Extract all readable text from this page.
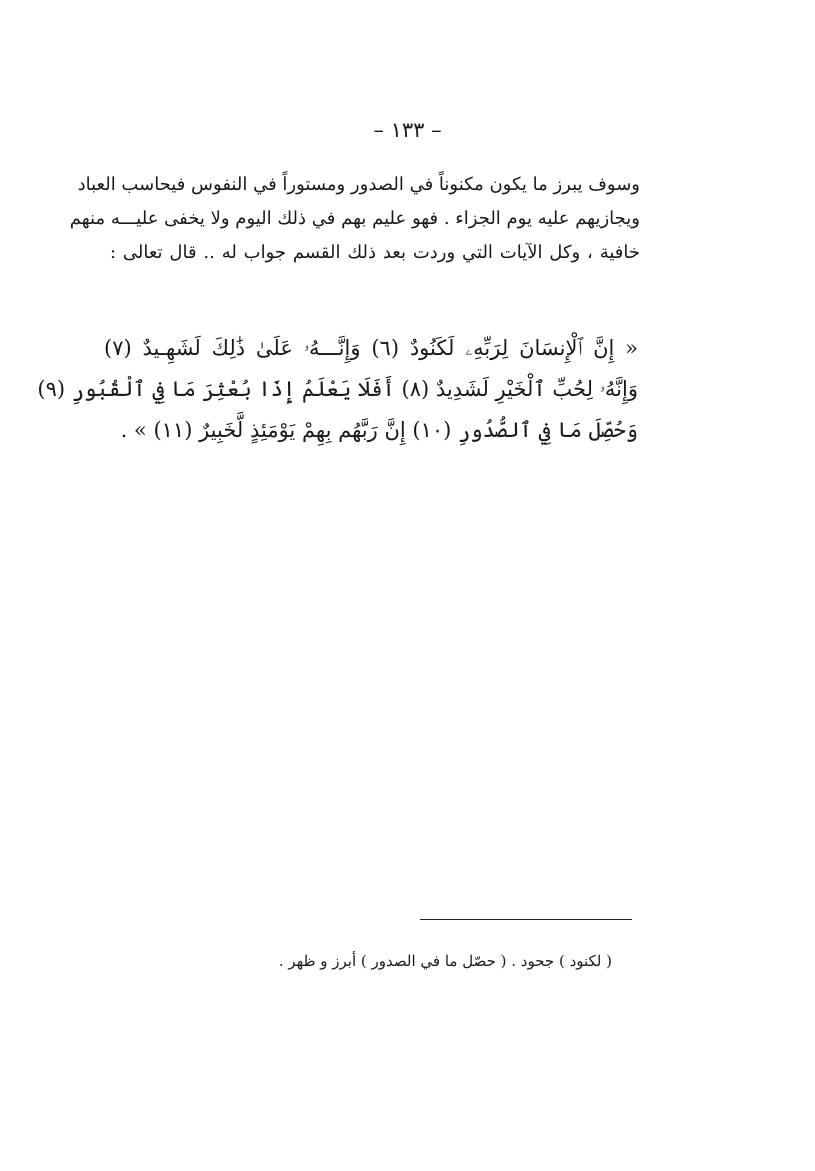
– ١٣٣ –
وسوف يبرز ما يكون مكنوناً في الصدور ومستوراً في النفوس فيحاسب العباد
ويجازيهم عليه يوم الجزاء . فهو عليم بهم في ذلك اليوم ولا يخفى عليـــه منهم
خافية ، وكل الآيات التي وردت بعد ذلك القسم جواب له .. قال تعالى :
« إِنَّ ٱلْإِنسَانَ لِرَبِّهِۦ لَكَنُودٌ (٦) وَإِنَّـــهُۥ عَلَىٰ ذَٰلِكَ لَشَهِـيدٌ (٧)
وَإِنَّهُۥ لِحُبِّ ٱلْخَيْرِ لَشَدِيدٌ (٨) أَفَلَا يَعْلَمُ إِذَا بُعْثِرَ مَا فِي ٱلْقُبُورِ (٩)
وَحُصِّلَ مَا فِي ٱلصُّدُورِ (١٠) إِنَّ رَبَّهُم بِهِمْ يَوْمَئِذٍ لَّخَبِيرٌ (١١) » .
( لكنود ) جحود . ( حصّل ما في الصدور ) أبرز و ظهر .
